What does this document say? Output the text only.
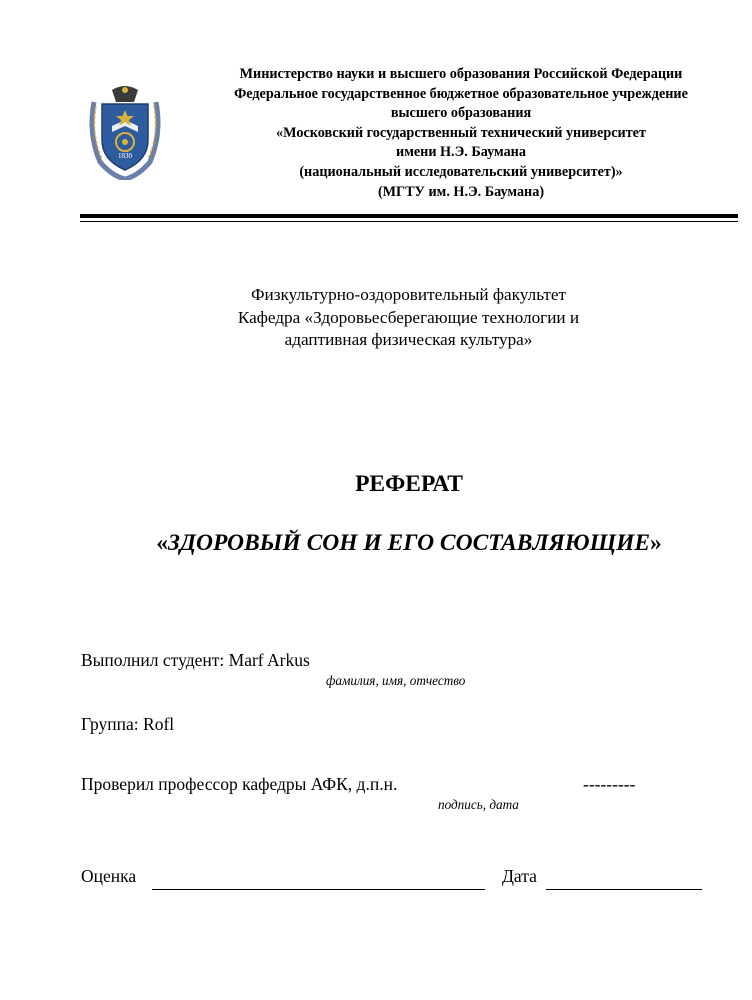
1830
Министерство науки и высшего образования Российской Федерации
Федеральное государственное бюджетное образовательное учреждение
высшего образования
«Московский государственный технический университет
имени Н.Э. Баумана
(национальный исследовательский университет)»
(МГТУ им. Н.Э. Баумана)
Физкультурно-оздоровительный факультет
Кафедра «Здоровьесберегающие технологии и
адаптивная физическая культура»
РЕФЕРАТ
«ЗДОРОВЫЙ СОН И ЕГО СОСТАВЛЯЮЩИЕ»
Выполнил студент: Marf Arkus
фамилия, имя, отчество
Группа: Rofl
Проверил профессор кафедры АФК, д.п.н.	---------
подпись, дата
Оценка	Дата
